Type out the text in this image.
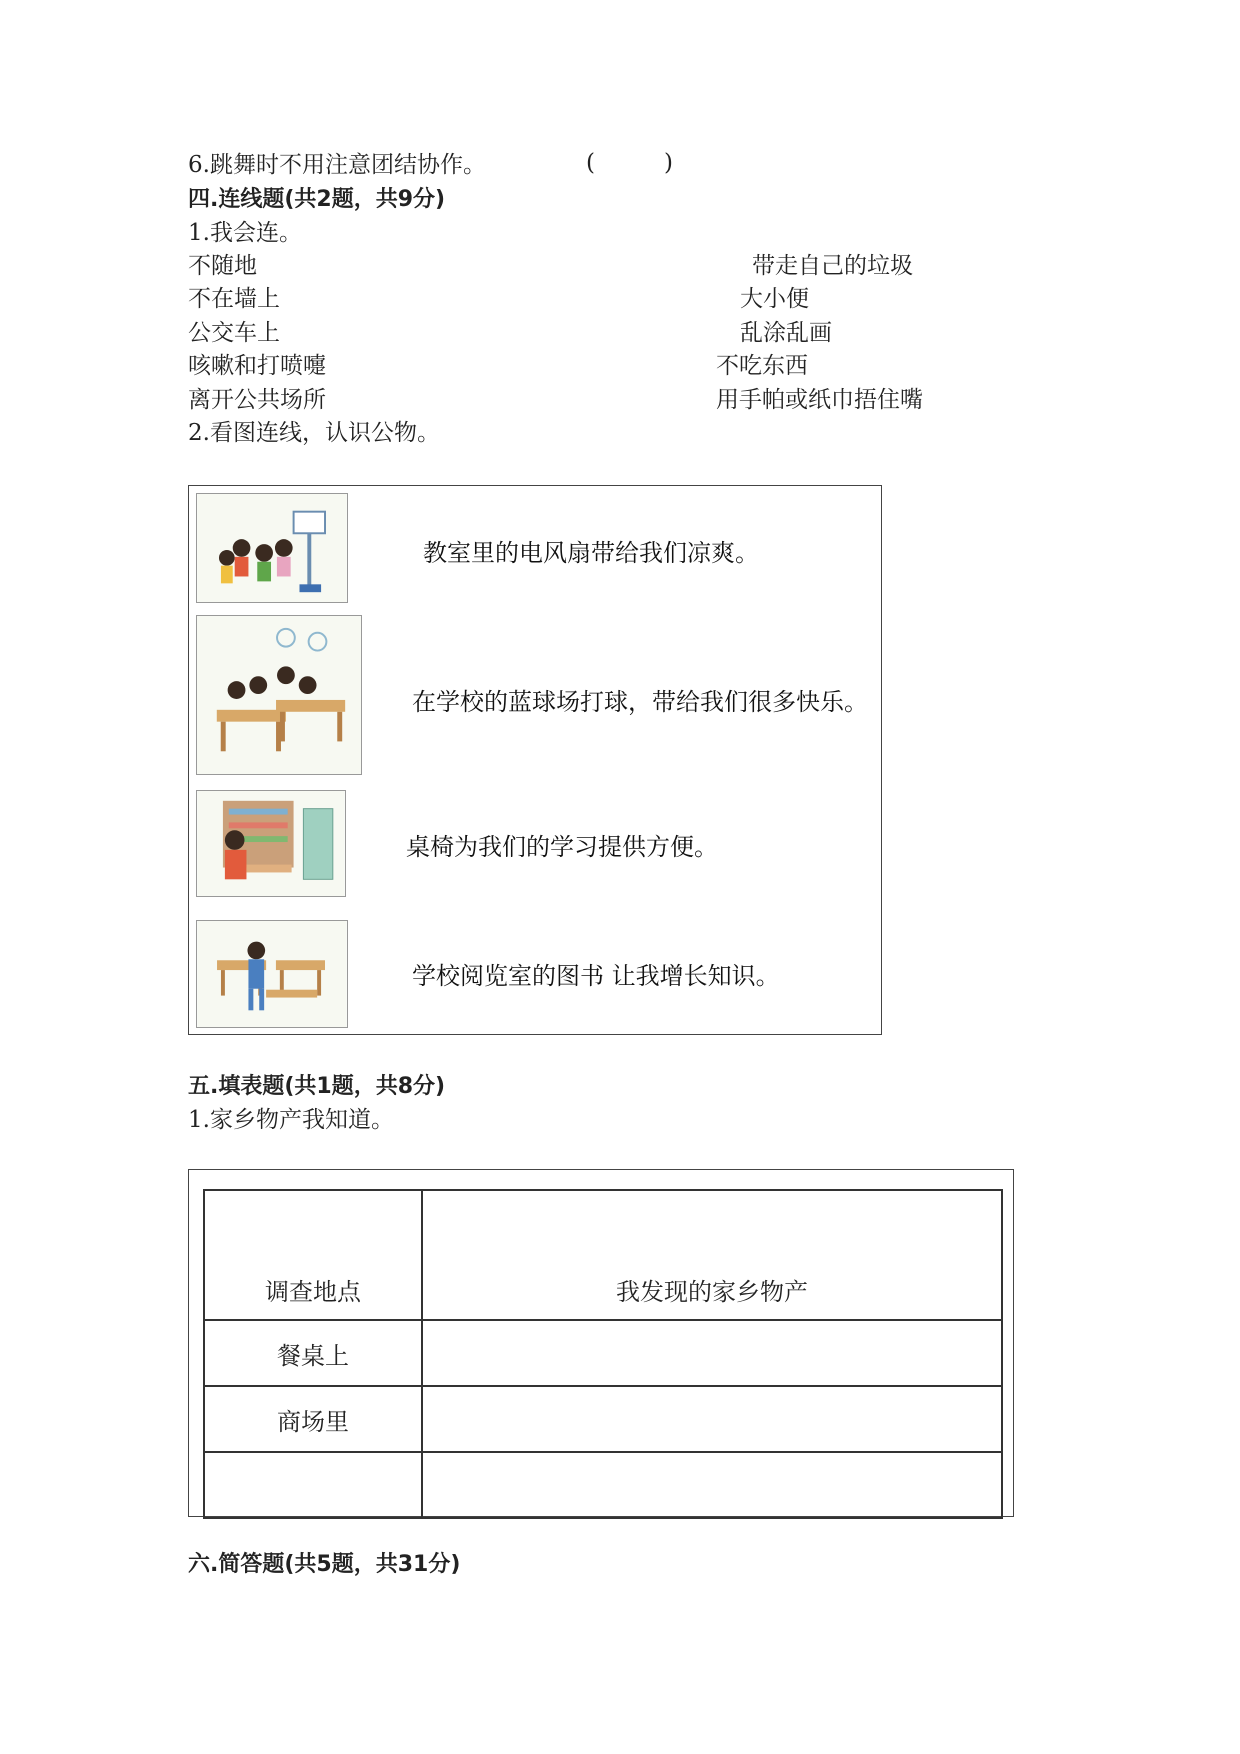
6.跳舞时不用注意团结协作。	(	)
四.连线题(共2题，共9分)
1.我会连。
不随地
不在墙上
公交车上
咳嗽和打喷嚏
离开公共场所
带走自己的垃圾
大小便
乱涂乱画
不吃东西
用手帕或纸巾捂住嘴
2.看图连线，认识公物。
教室里的电风扇带给我们凉爽。
在学校的蓝球场打球，带给我们很多快乐。
桌椅为我们的学习提供方便。
学校阅览室的图书 让我增长知识。
五.填表题(共1题，共8分)
1.家乡物产我知道。
调查地点	我发现的家乡物产
餐桌上	
商场里	

六.简答题(共5题，共31分)
